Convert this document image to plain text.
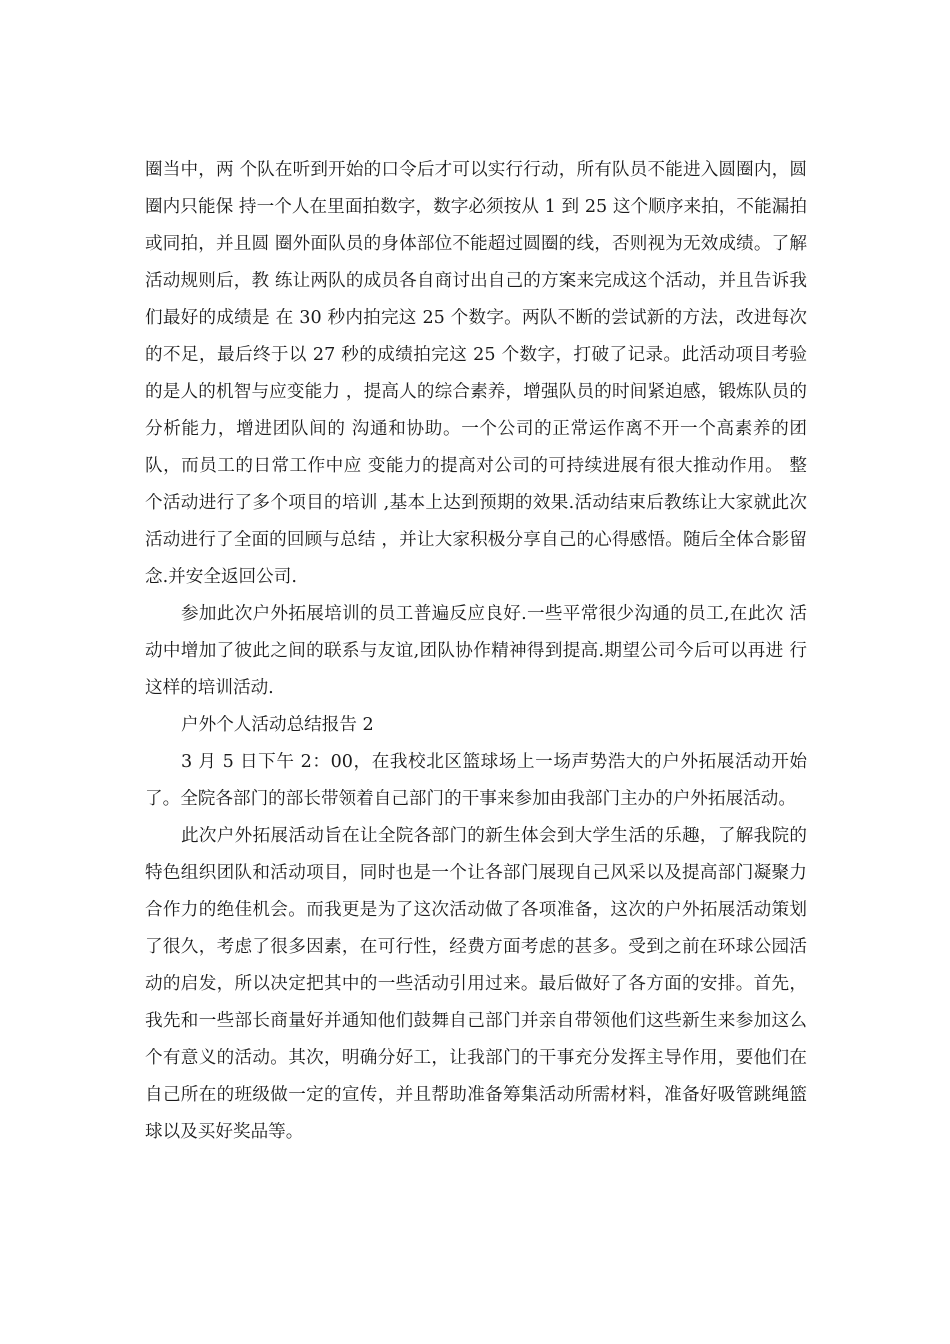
圈当中，两 个队在听到开始的口令后才可以实行行动，所有队员不能进入圆圈内，圆圈内只能保 持一个人在里面拍数字，数字必须按从 1 到 25 这个顺序来拍，不能漏拍或同拍，并且圆 圈外面队员的身体部位不能超过圆圈的线，否则视为无效成绩。了解活动规则后，教 练让两队的成员各自商讨出自己的方案来完成这个活动，并且告诉我们最好的成绩是 在 30 秒内拍完这 25 个数字。两队不断的尝试新的方法，改进每次的不足，最后终于以 27 秒的成绩拍完这 25 个数字，打破了记录。此活动项目考验的是人的机智与应变能力 ，提高人的综合素养，增强队员的时间紧迫感，锻炼队员的分析能力，增进团队间的 沟通和协助。一个公司的正常运作离不开一个高素养的团队，而员工的日常工作中应 变能力的提高对公司的可持续进展有很大推动作用。 整个活动进行了多个项目的培训 ,基本上达到预期的效果.活动结束后教练让大家就此次活动进行了全面的回顾与总结 ，并让大家积极分享自己的心得感悟。随后全体合影留念.并安全返回公司.

参加此次户外拓展培训的员工普遍反应良好.一些平常很少沟通的员工,在此次 活动中增加了彼此之间的联系与友谊,团队协作精神得到提高.期望公司今后可以再进 行这样的培训活动.

户外个人活动总结报告 2

3 月 5 日下午 2：00，在我校北区篮球场上一场声势浩大的户外拓展活动开始了。全院各部门的部长带领着自己部门的干事来参加由我部门主办的户外拓展活动。

此次户外拓展活动旨在让全院各部门的新生体会到大学生活的乐趣，了解我院的特色组织团队和活动项目，同时也是一个让各部门展现自己风采以及提高部门凝聚力合作力的绝佳机会。而我更是为了这次活动做了各项准备，这次的户外拓展活动策划了很久，考虑了很多因素，在可行性，经费方面考虑的甚多。受到之前在环球公园活动的启发，所以决定把其中的一些活动引用过来。最后做好了各方面的安排。首先，我先和一些部长商量好并通知他们鼓舞自己部门并亲自带领他们这些新生来参加这么个有意义的活动。其次，明确分好工，让我部门的干事充分发挥主导作用，要他们在自己所在的班级做一定的宣传，并且帮助准备筹集活动所需材料，准备好吸管跳绳篮球以及买好奖品等。
